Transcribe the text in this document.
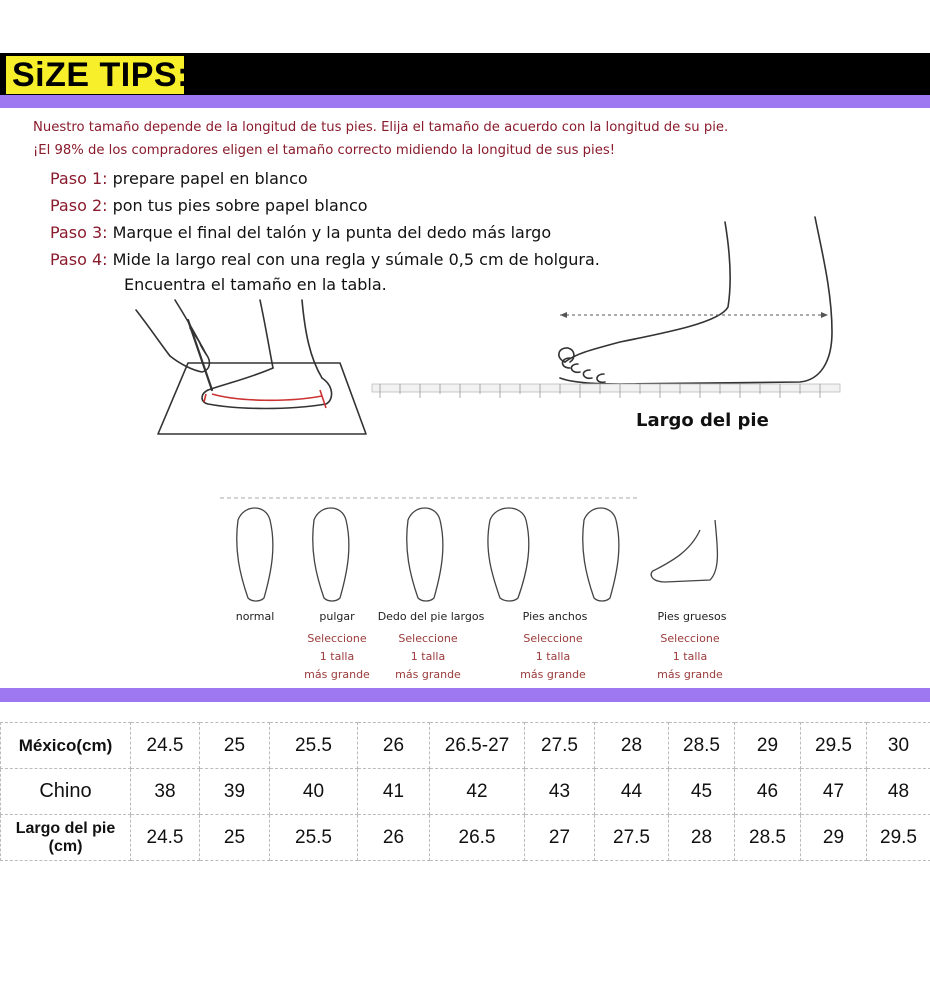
SiZE TIPS:
Nuestro tamaño depende de la longitud de tus pies. Elija el tamaño de acuerdo con la longitud de su pie.
¡El 98% de los compradores eligen el tamaño correcto midiendo la longitud de sus pies!
Paso 1: prepare papel en blanco
Paso 2: pon tus pies sobre papel blanco
Paso 3: Marque el final del talón y la punta del dedo más largo
Paso 4: Mide la largo real con una regla y súmale 0,5 cm de holgura.
Encuentra el tamaño en la tabla.
Largo del pie
normal	pulgar	Dedo del pie largos	Pies anchos	Pies gruesos
Seleccione
1 talla
más grande
Seleccione
1 talla
más grande
Seleccione
1 talla
más grande
Seleccione
1 talla
más grande
México(cm)	24.5	25	25.5	26	26.5-27	27.5	28	28.5	29	29.5	30
Chino	38	39	40	41	42	43	44	45	46	47	48

Largo del pie
(cm)	24.5	25	25.5	26	26.5	27	27.5	28	28.5	29	29.5
